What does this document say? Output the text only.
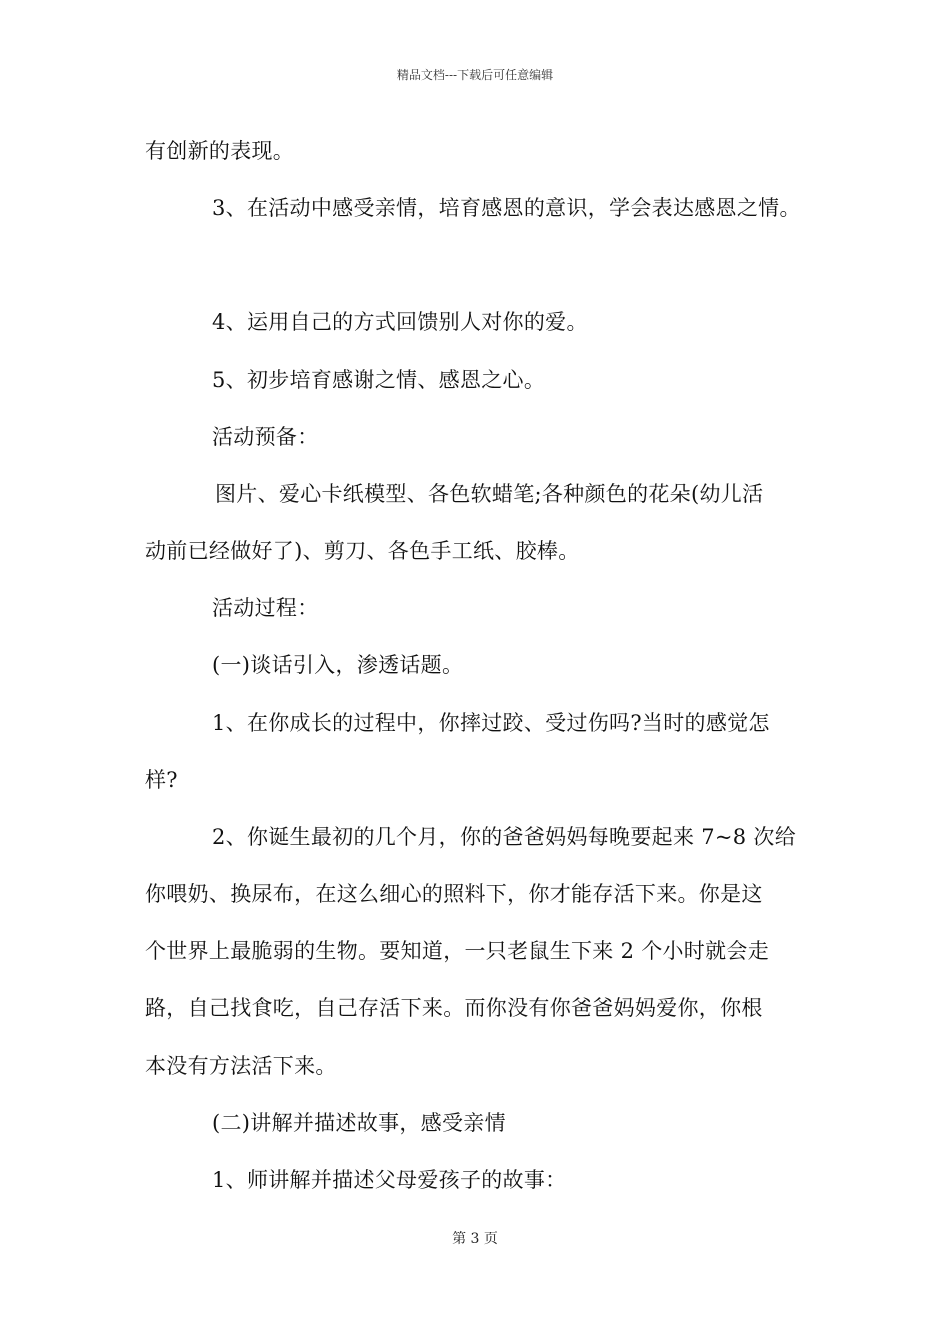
精品文档---下载后可任意编辑
有创新的表现。
3、在活动中感受亲情，培育感恩的意识，学会表达感恩之情。
4、运用自己的方式回馈别人对你的爱。
5、初步培育感谢之情、感恩之心。
活动预备：
图片、爱心卡纸模型、各色软蜡笔;各种颜色的花朵(幼儿活
动前已经做好了)、剪刀、各色手工纸、胶棒。
活动过程：
(一)谈话引入，渗透话题。
1、在你成长的过程中，你摔过跤、受过伤吗?当时的感觉怎
样?
2、你诞生最初的几个月，你的爸爸妈妈每晚要起来 7~8 次给
你喂奶、换尿布，在这么细心的照料下，你才能存活下来。你是这
个世界上最脆弱的生物。要知道，一只老鼠生下来 2 个小时就会走
路，自己找食吃，自己存活下来。而你没有你爸爸妈妈爱你，你根
本没有方法活下来。
(二)讲解并描述故事，感受亲情
1、师讲解并描述父母爱孩子的故事：
第 3 页
